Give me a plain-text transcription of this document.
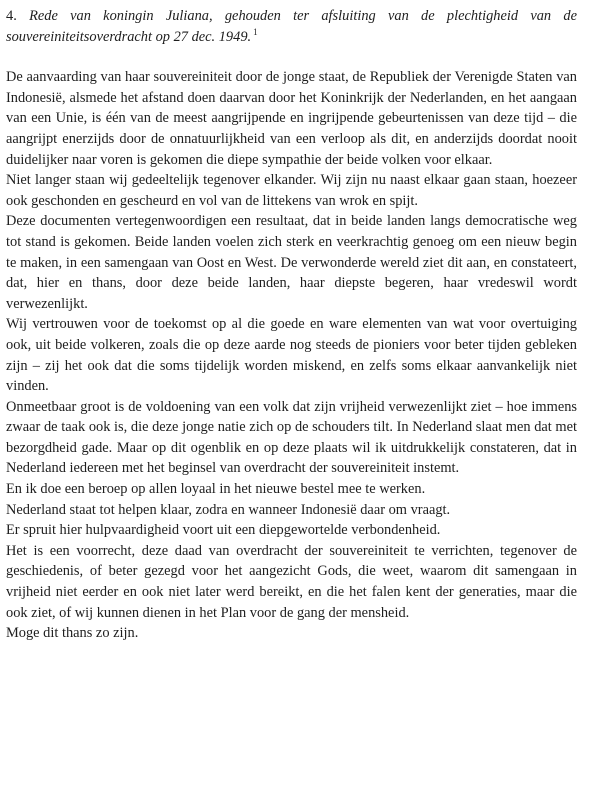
4. Rede van koningin Juliana, gehouden ter afsluiting van de plechtigheid van de souvereiniteitsoverdracht op 27 dec. 1949. $^1$

De aanvaarding van haar souvereiniteit door de jonge staat, de Republiek der Verenigde Staten van Indonesië, alsmede het afstand doen daarvan door het Koninkrijk der Nederlanden, en het aangaan van een Unie, is één van de meest aangrijpende en ingrijpende gebeurtenissen van deze tijd – die aangrijpt enerzijds door de onnatuurlijkheid van een verloop als dit, en anderzijds doordat nooit duidelijker naar voren is gekomen die diepe sympathie der beide volken voor elkaar.

Niet langer staan wij gedeeltelijk tegenover elkander. Wij zijn nu naast elkaar gaan staan, hoezeer ook geschonden en gescheurd en vol van de littekens van wrok en spijt.

Deze documenten vertegenwoordigen een resultaat, dat in beide landen langs democratische weg tot stand is gekomen. Beide landen voelen zich sterk en veerkrachtig genoeg om een nieuw begin te maken, in een samengaan van Oost en West. De verwonderde wereld ziet dit aan, en constateert, dat, hier en thans, door deze beide landen, haar diepste begeren, haar vredeswil wordt verwezenlijkt.

Wij vertrouwen voor de toekomst op al die goede en ware elementen van wat voor overtuiging ook, uit beide volkeren, zoals die op deze aarde nog steeds de pioniers voor beter tijden gebleken zijn – zij het ook dat die soms tijdelijk worden miskend, en zelfs soms elkaar aanvankelijk niet vinden.

Onmeetbaar groot is de voldoening van een volk dat zijn vrijheid verwezenlijkt ziet – hoe immens zwaar de taak ook is, die deze jonge natie zich op de schouders tilt. In Nederland slaat men dat met bezorgdheid gade. Maar op dit ogenblik en op deze plaats wil ik uitdrukkelijk constateren, dat in Nederland iedereen met het beginsel van overdracht der souvereiniteit instemt.

En ik doe een beroep op allen loyaal in het nieuwe bestel mee te werken.

Nederland staat tot helpen klaar, zodra en wanneer Indonesië daar om vraagt.

Er spruit hier hulpvaardigheid voort uit een diepgewortelde verbondenheid.

Het is een voorrecht, deze daad van overdracht der souvereiniteit te verrichten, tegenover de geschiedenis, of beter gezegd voor het aangezicht Gods, die weet, waarom dit samengaan in vrijheid niet eerder en ook niet later werd bereikt, en die het falen kent der generaties, maar die ook ziet, of wij kunnen dienen in het Plan voor de gang der mensheid.

Moge dit thans zo zijn.
